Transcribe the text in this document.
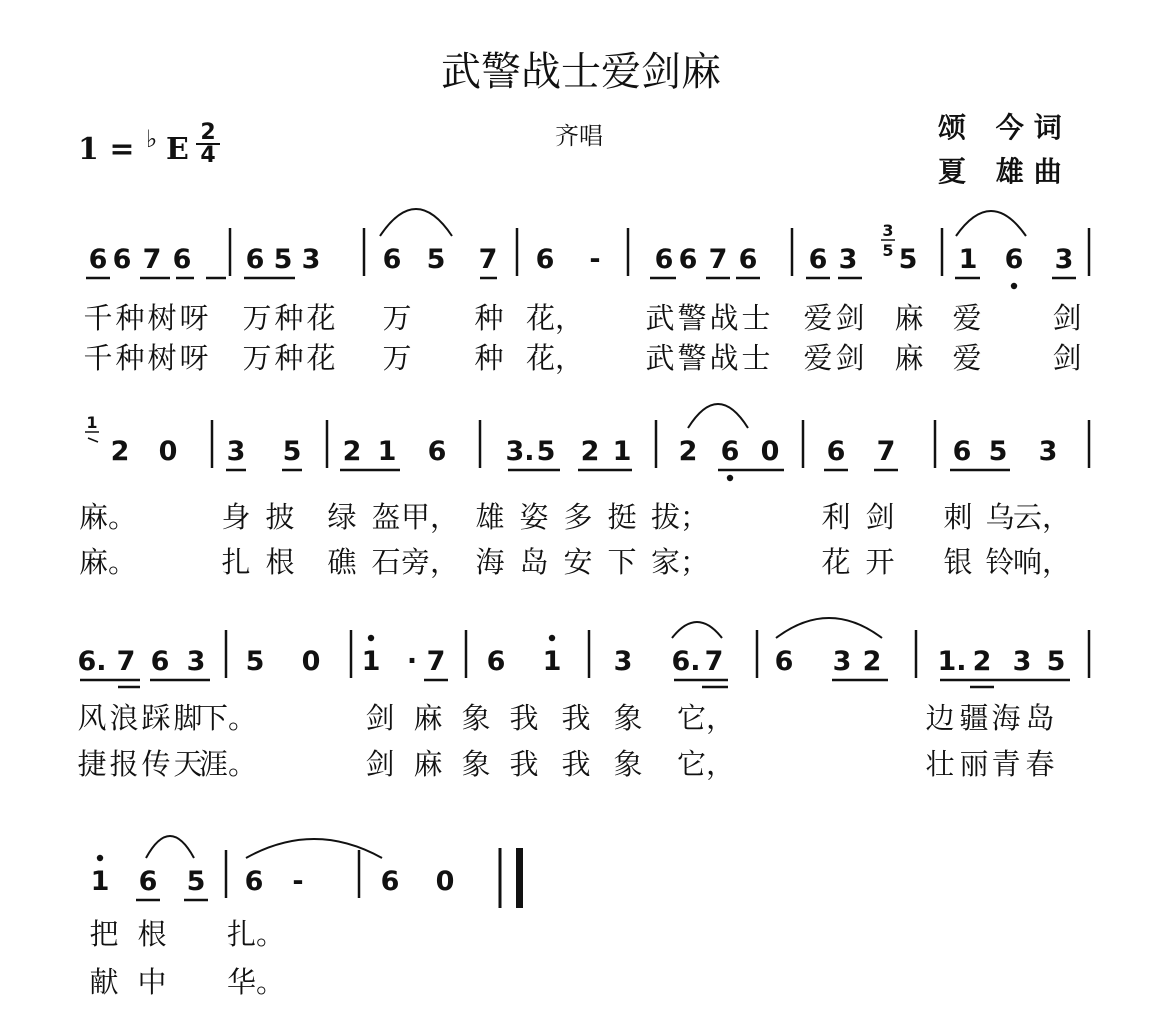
武警战士爱剑麻
齐唱	颂 今词
夏 雄曲
1 = ♭ E 2
4
6 6 7 6 6 5 3 6 5 7 6 - 6 6 7 6 6 3 5 1 6 3
千 种 树 呀 万 种 花 万 种 花， 武 警 战 士 爱 剑 麻 爱 剑
千 种 树 呀 万 种 花 万 种 花， 武 警 战 士 爱 剑 麻 爱 剑
3
5
2 0 3 5 2 1 6 3. 5 2 1 2 6 0 6 7 6 5 3
麻。	身 披 绿 盔 甲， 雄 姿 多 挺 拔；	利 剑 刺 乌
云，
麻。	扎 根 礁 石 旁， 海 岛 安 下 家；	花 开 银 铃
响，
1
6. 7 6 3 5 0 1 · 7 6 1 3 6. 7 6 3 2 1. 2 3 5
风 浪 踩 脚
下。	剑 麻 象 我 我 象 它，	边 疆 海 岛
捷 报 传 天
涯。	剑 麻 象 我 我 象 它，	壮 丽 青 春
1 6 5 6 -	6 0
把 根 扎。
献 中 华。
